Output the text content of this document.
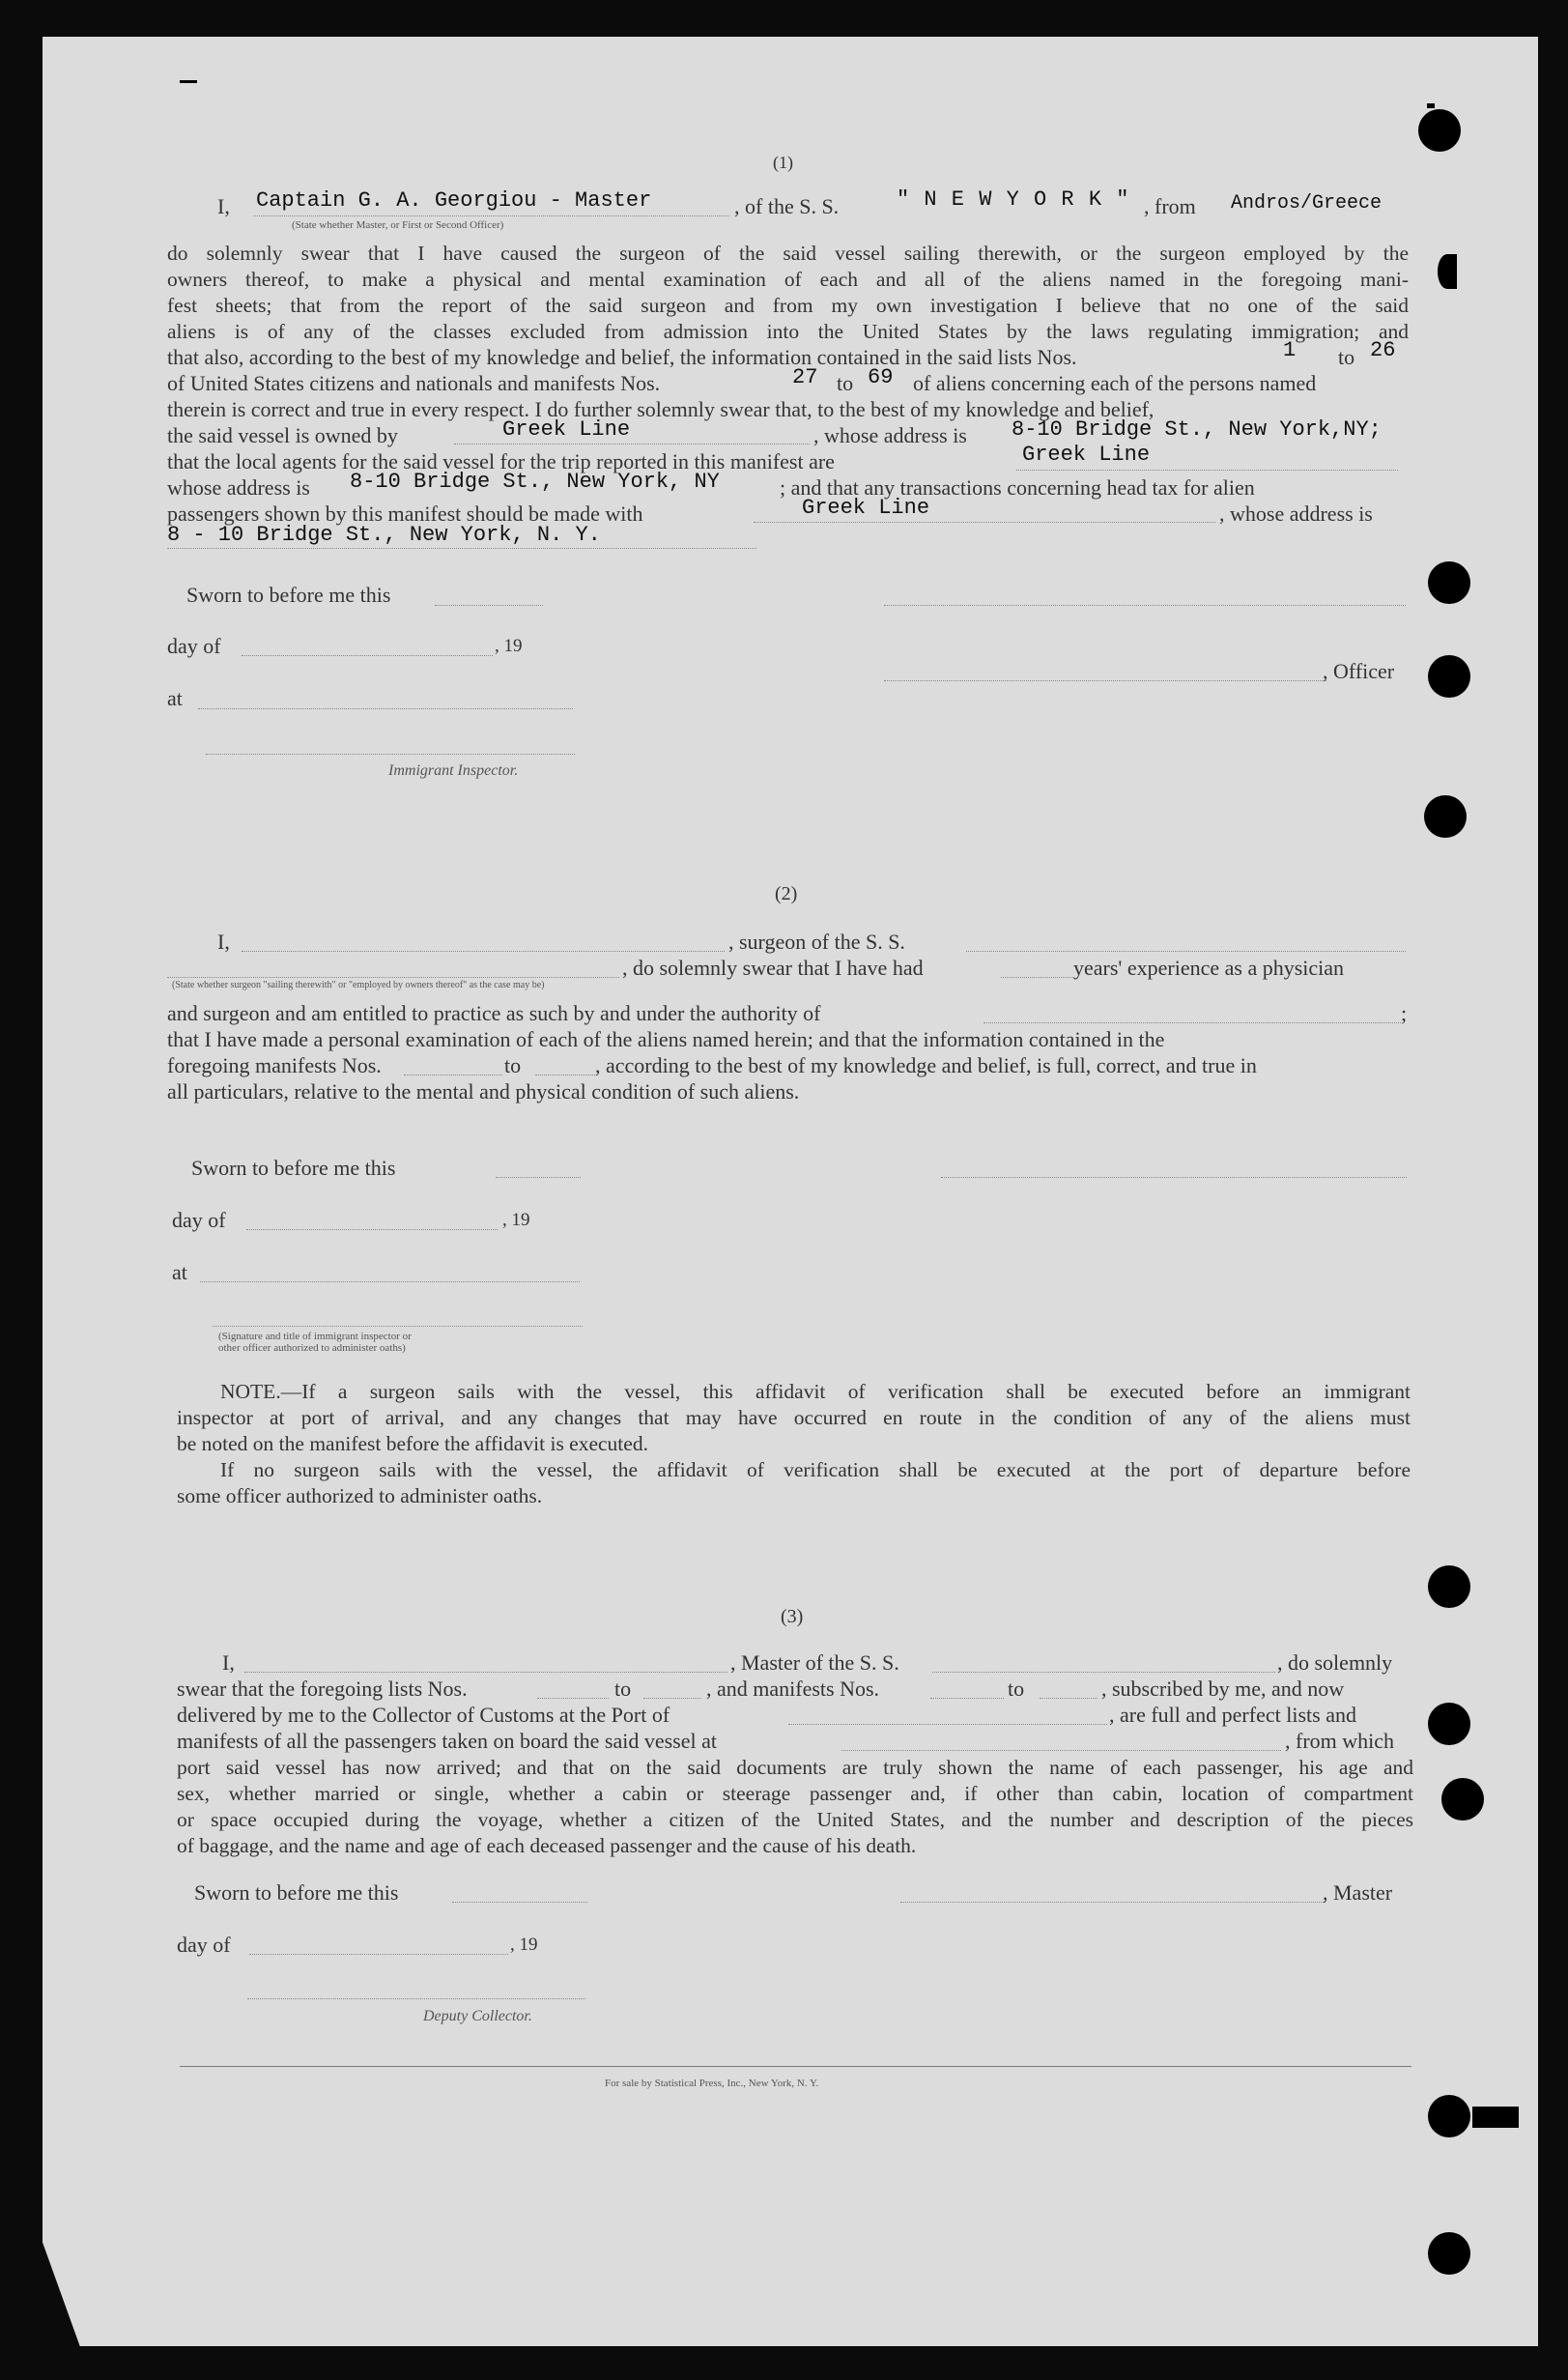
(1)
I, Captain G. A. Georgiou - Master	, of the S. S.	" N E W Y O R K " , from Andros/Greece
(State whether Master, or First or Second Officer)
do solemnly swear that I have caused the surgeon of the said vessel sailing therewith, or the surgeon employed by the
owners thereof, to make a physical and mental examination of each and all of the aliens named in the foregoing mani-
fest sheets; that from the report of the said surgeon and from my own investigation I believe that no one of the said
aliens is of any of the classes excluded from admission into the United States by the laws regulating immigration; and
that also, according to the best of my knowledge and belief, the information contained in the said lists Nos.	1 to 26
of United States citizens and nationals and manifests Nos.	27 to 69 of aliens concerning each of the persons named
therein is correct and true in every respect. I do further solemnly swear that, to the best of my knowledge and belief,
the said vessel is owned by	Greek Line	, whose address is 8-10 Bridge St., New York,NY;
that the local agents for the said vessel for the trip reported in this manifest are	Greek Line
whose address is 8-10 Bridge St., New York, NY	; and that any transactions concerning head tax for alien
passengers shown by this manifest should be made with	Greek Line	, whose address is
8 - 10 Bridge St., New York, N. Y.
Sworn to before me this
day of	, 19
, Officer
at
Immigrant Inspector.
(2)
I,	, surgeon of the S. S.
, do solemnly swear that I have had	years' experience as a physician
(State whether surgeon "sailing therewith" or "employed by owners thereof" as the case may be)
and surgeon and am entitled to practice as such by and under the authority of	;
that I have made a personal examination of each of the aliens named herein; and that the information contained in the
foregoing manifests Nos.	to	, according to the best of my knowledge and belief, is full, correct, and true in
all particulars, relative to the mental and physical condition of such aliens.
Sworn to before me this
day of	, 19
at
(Signature and title of immigrant inspector or
other officer authorized to administer oaths)
NOTE.—If a surgeon sails with the vessel, this affidavit of verification shall be executed before an immigrant
inspector at port of arrival, and any changes that may have occurred en route in the condition of any of the aliens must
be noted on the manifest before the affidavit is executed.
If no surgeon sails with the vessel, the affidavit of verification shall be executed at the port of departure before
some officer authorized to administer oaths.
(3)
I,	, Master of the S. S.	, do solemnly
swear that the foregoing lists Nos.	to	, and manifests Nos.	to	, subscribed by me, and now
delivered by me to the Collector of Customs at the Port of	, are full and perfect lists and
manifests of all the passengers taken on board the said vessel at	, from which
port said vessel has now arrived; and that on the said documents are truly shown the name of each passenger, his age and
sex, whether married or single, whether a cabin or steerage passenger and, if other than cabin, location of compartment
or space occupied during the voyage, whether a citizen of the United States, and the number and description of the pieces
of baggage, and the name and age of each deceased passenger and the cause of his death.
Sworn to before me this	, Master
day of	, 19
Deputy Collector.
For sale by Statistical Press, Inc., New York, N. Y.
